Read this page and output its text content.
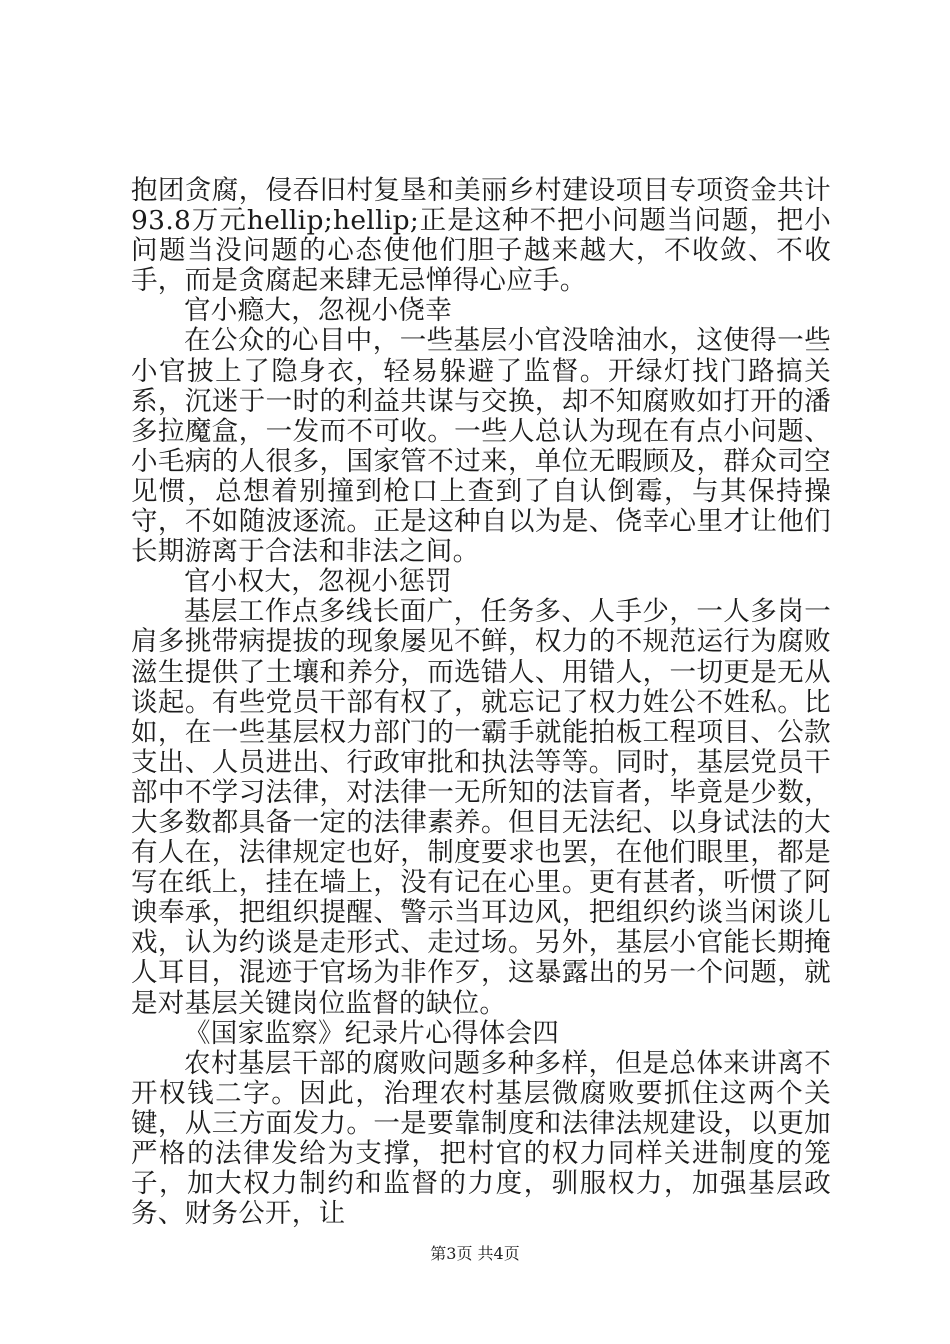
抱团贪腐，侵吞旧村复垦和美丽乡村建设项目专项资金共计93.8万元hellip;hellip;正是这种不把小问题当问题，把小问题当没问题的心态使他们胆子越来越大，不收敛、不收手，而是贪腐起来肆无忌惮得心应手。

官小瘾大，忽视小侥幸

在公众的心目中，一些基层小官没啥油水，这使得一些小官披上了隐身衣，轻易躲避了监督。开绿灯找门路搞关系，沉迷于一时的利益共谋与交换，却不知腐败如打开的潘多拉魔盒，一发而不可收。一些人总认为现在有点小问题、小毛病的人很多，国家管不过来，单位无暇顾及，群众司空见惯，总想着别撞到枪口上查到了自认倒霉，与其保持操守，不如随波逐流。正是这种自以为是、侥幸心里才让他们长期游离于合法和非法之间。

官小权大，忽视小惩罚

基层工作点多线长面广，任务多、人手少，一人多岗一肩多挑带病提拔的现象屡见不鲜，权力的不规范运行为腐败滋生提供了土壤和养分，而选错人、用错人，一切更是无从谈起。有些党员干部有权了，就忘记了权力姓公不姓私。比如，在一些基层权力部门的一霸手就能拍板工程项目、公款支出、人员进出、行政审批和执法等等。同时，基层党员干部中不学习法律，对法律一无所知的法盲者，毕竟是少数，大多数都具备一定的法律素养。但目无法纪、以身试法的大有人在，法律规定也好，制度要求也罢，在他们眼里，都是写在纸上，挂在墙上，没有记在心里。更有甚者，听惯了阿谀奉承，把组织提醒、警示当耳边风，把组织约谈当闲谈儿戏，认为约谈是走形式、走过场。另外，基层小官能长期掩人耳目，混迹于官场为非作歹，这暴露出的另一个问题，就是对基层关键岗位监督的缺位。

《国家监察》纪录片心得体会四

农村基层干部的腐败问题多种多样，但是总体来讲离不开权钱二字。因此，治理农村基层微腐败要抓住这两个关键，从三方面发力。一是要靠制度和法律法规建设，以更加严格的法律发给为支撑，把村官的权力同样关进制度的笼子，加大权力制约和监督的力度，驯服权力，加强基层政务、财务公开，让

第3页 共4页
